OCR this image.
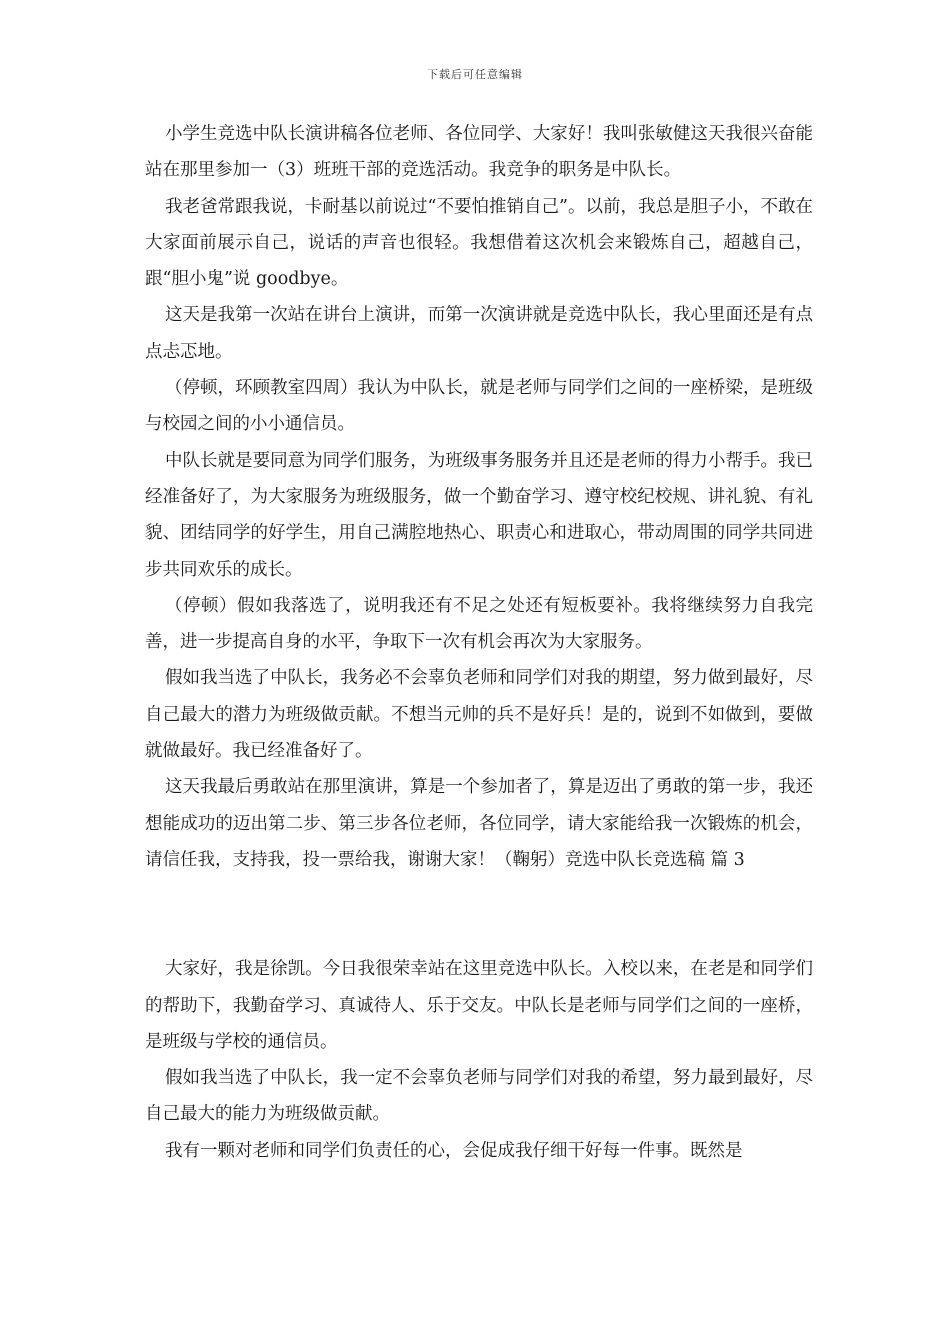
下载后可任意编辑

小学生竞选中队长演讲稿各位老师、各位同学、大家好！我叫张敏健这天我很兴奋能站在那里参加一（3）班班干部的竞选活动。我竞争的职务是中队长。

我老爸常跟我说，卡耐基以前说过“不要怕推销自己”。以前，我总是胆子小，不敢在大家面前展示自己，说话的声音也很轻。我想借着这次机会来锻炼自己，超越自己，跟“胆小鬼”说 goodbye。

这天是我第一次站在讲台上演讲，而第一次演讲就是竞选中队长，我心里面还是有点点忐忑地。

（停顿，环顾教室四周）我认为中队长，就是老师与同学们之间的一座桥梁，是班级与校园之间的小小通信员。

中队长就是要同意为同学们服务，为班级事务服务并且还是老师的得力小帮手。我已经准备好了，为大家服务为班级服务，做一个勤奋学习、遵守校纪校规、讲礼貌、有礼貌、团结同学的好学生，用自己满腔地热心、职责心和进取心，带动周围的同学共同进步共同欢乐的成长。

（停顿）假如我落选了，说明我还有不足之处还有短板要补。我将继续努力自我完善，进一步提高自身的水平，争取下一次有机会再次为大家服务。

假如我当选了中队长，我务必不会辜负老师和同学们对我的期望，努力做到最好，尽自己最大的潜力为班级做贡献。不想当元帅的兵不是好兵！是的，说到不如做到，要做就做最好。我已经准备好了。

这天我最后勇敢站在那里演讲，算是一个参加者了，算是迈出了勇敢的第一步，我还想能成功的迈出第二步、第三步各位老师，各位同学，请大家能给我一次锻炼的机会，请信任我，支持我，投一票给我，谢谢大家！（鞠躬）竞选中队长竞选稿 篇 3

大家好，我是徐凯。今日我很荣幸站在这里竞选中队长。入校以来，在老是和同学们的帮助下，我勤奋学习、真诚待人、乐于交友。中队长是老师与同学们之间的一座桥，是班级与学校的通信员。

假如我当选了中队长，我一定不会辜负老师与同学们对我的希望，努力最到最好，尽自己最大的能力为班级做贡献。

我有一颗对老师和同学们负责任的心，会促成我仔细干好每一件事。既然是
